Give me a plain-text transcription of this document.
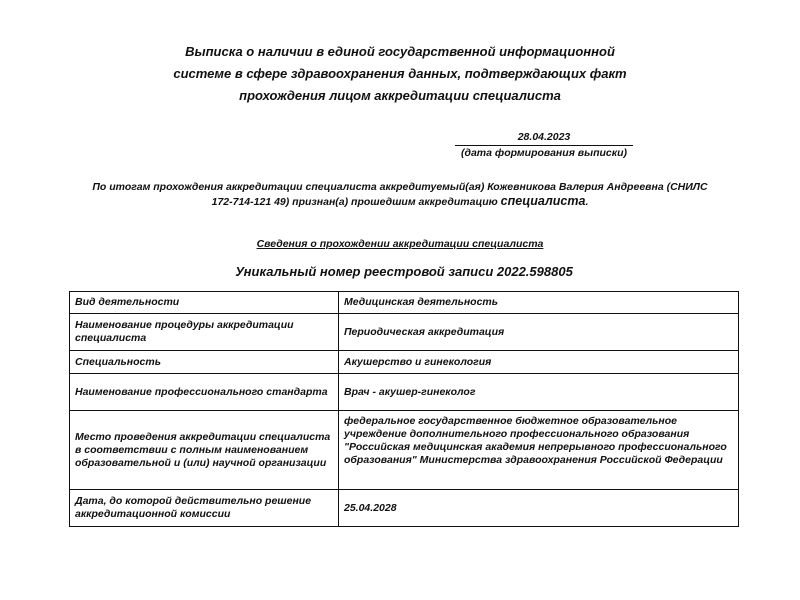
Выписка о наличии в единой государственной информационной
системе в сфере здравоохранения данных, подтверждающих факт
прохождения лицом аккредитации специалиста
28.04.2023
(дата формирования выписки)
По итогам прохождения аккредитации специалиста аккредитуемый(ая) Кожевникова Валерия Андреевна (СНИЛС
172-714-121 49) признан(а) прошедшим аккредитацию специалиста.
Сведения о прохождении аккредитации специалиста
Уникальный номер реестровой записи 2022.598805
Вид деятельности	Медицинская деятельность
Наименование процедуры аккредитации специалиста	Периодическая аккредитация
Специальность	Акушерство и гинекология
Наименование профессионального стандарта	Врач - акушер-гинеколог
Место проведения аккредитации специалиста в соответствии с полным наименованием образовательной и (или) научной организации	федеральное государственное бюджетное образовательное учреждение дополнительного профессионального образования "Российская медицинская академия непрерывного профессионального образования" Министерства здравоохранения Российской Федерации
Дата, до которой действительно решение аккредитационной комиссии	25.04.2028
